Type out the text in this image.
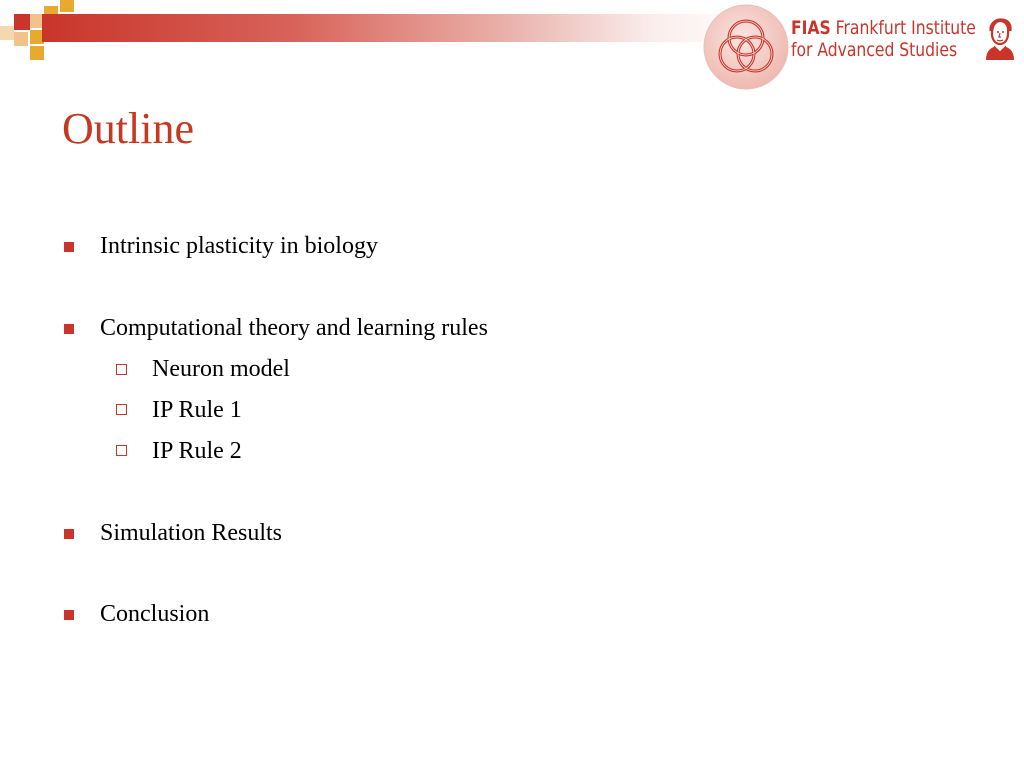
FIAS Frankfurt Institute
for Advanced Studies
Outline
Intrinsic plasticity in biology
Computational theory and learning rules
Neuron model
IP Rule 1
IP Rule 2
Simulation Results
Conclusion
